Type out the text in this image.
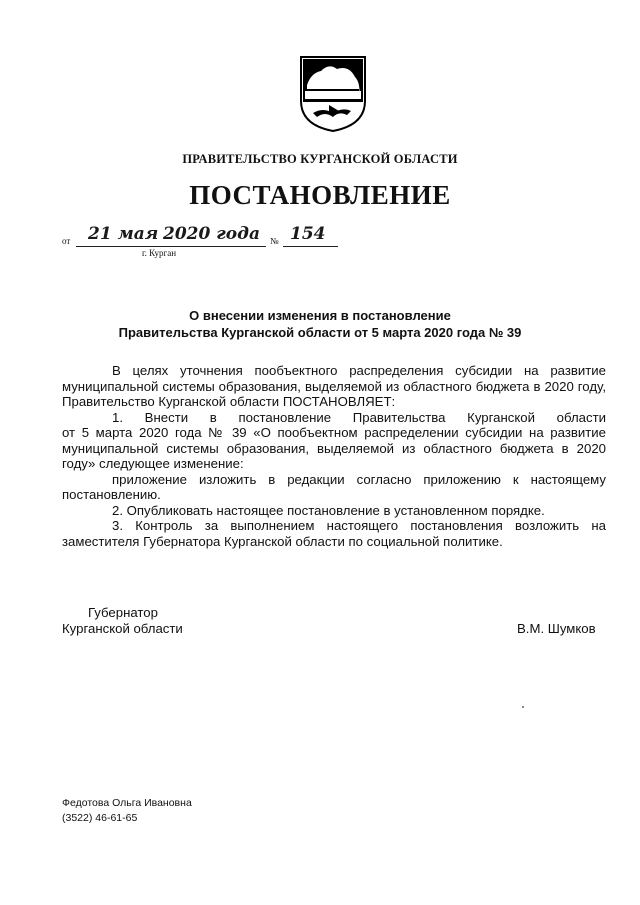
ПРАВИТЕЛЬСТВО КУРГАНСКОЙ ОБЛАСТИ
ПОСТАНОВЛЕНИЕ
от 21 мая 2020 года № 154
г. Курган
О внесении изменения в постановление
Правительства Курганской области от 5 марта 2020 года № 39

В целях уточнения пообъектного распределения субсидии на развитие муниципальной системы образования, выделяемой из областного бюджета в 2020 году, Правительство Курганской области ПОСТАНОВЛЯЕТ:

1. Внести в постановление Правительства Курганской области

от 5 марта 2020 года № 39 «О пообъектном распределении субсидии на развитие муниципальной системы образования, выделяемой из областного бюджета в 2020 году» следующее изменение:

приложение изложить в редакции согласно приложению к настоящему постановлению.

2. Опубликовать настоящее постановление в установленном порядке.

3. Контроль за выполнением настоящего постановления возложить на заместителя Губернатора Курганской области по социальной политике.

Губернатор
Курганской области	В.М. Шумков
Федотова Ольга Ивановна
(3522) 46-61-65
